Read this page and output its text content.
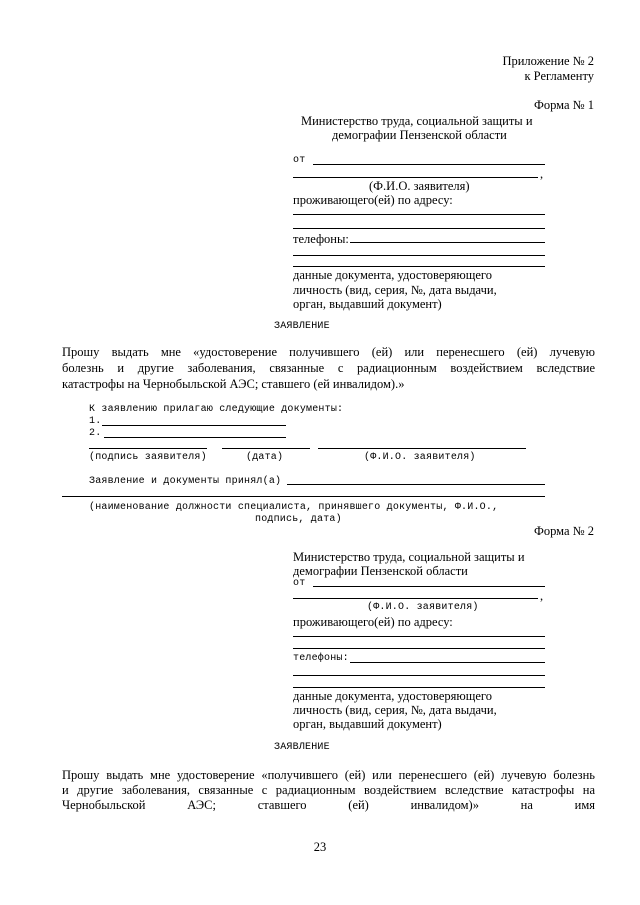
Приложение № 2
к Регламенту
Форма № 1
Министерство труда, социальной защиты и
демографии Пензенской области
от
,
(Ф.И.О. заявителя)
проживающего(ей) по адресу:
телефоны:
данные документа, удостоверяющего
личность (вид, серия, №, дата выдачи,
орган, выдавший документ)
ЗАЯВЛЕНИЕ
Прошу выдать мне «удостоверение получившего (ей) или перенесшего (ей) лучевую
болезнь и другие заболевания, связанные с радиационным воздействием вследствие
катастрофы на Чернобыльской АЭС; ставшего (ей инвалидом).»
К заявлению прилагаю следующие документы:
1.
2.
(подпись заявителя)	(дата)	(Ф.И.О. заявителя)
Заявление и документы принял(а)
(наименование должности специалиста, принявшего документы, Ф.И.О.,
подпись, дата)
Форма № 2
Министерство труда, социальной защиты и
демографии Пензенской области
от
,
(Ф.И.О. заявителя)
проживающего(ей) по адресу:
телефоны:
данные документа, удостоверяющего
личность (вид, серия, №, дата выдачи,
орган, выдавший документ)
ЗАЯВЛЕНИЕ
Прошу выдать мне удостоверение «получившего (ей) или перенесшего (ей) лучевую болезнь
и другие заболевания, связанные с радиационным воздействием вследствие катастрофы на
Чернобыльской АЭС; ставшего (ей) инвалидом)» на имя
23
